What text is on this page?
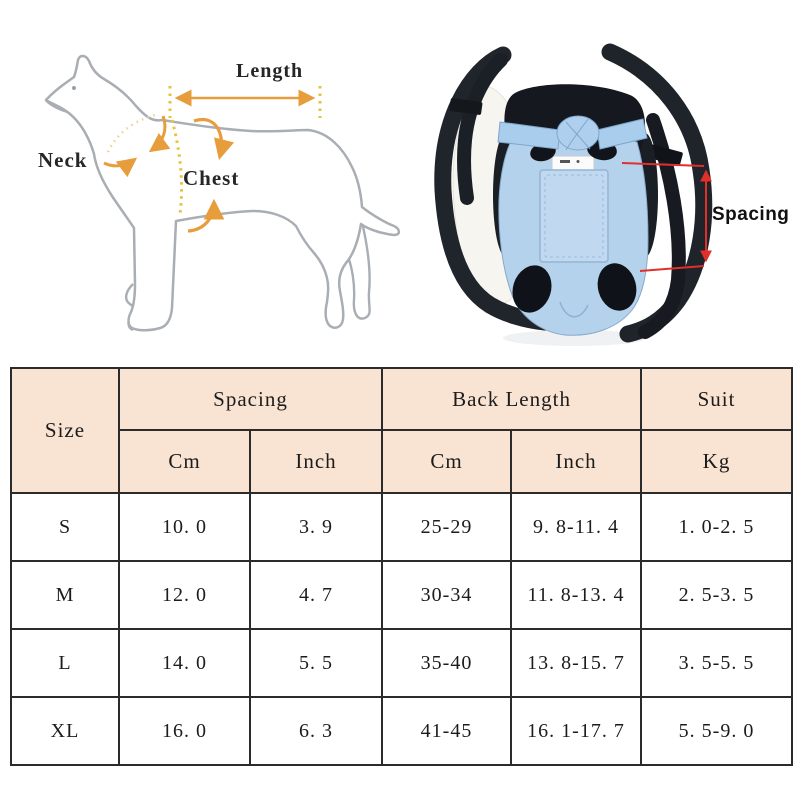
Length
Neck
Chest
Spacing
Size	Spacing		Back Length		Suit
	Cm	Inch	Cm	Inch	Kg
S	10. 0	3. 9	25-29	9. 8-11. 4	1. 0-2. 5
M	12. 0	4. 7	30-34	11. 8-13. 4	2. 5-3. 5
L	14. 0	5. 5	35-40	13. 8-15. 7	3. 5-5. 5
XL	16. 0	6. 3	41-45	16. 1-17. 7	5. 5-9. 0
